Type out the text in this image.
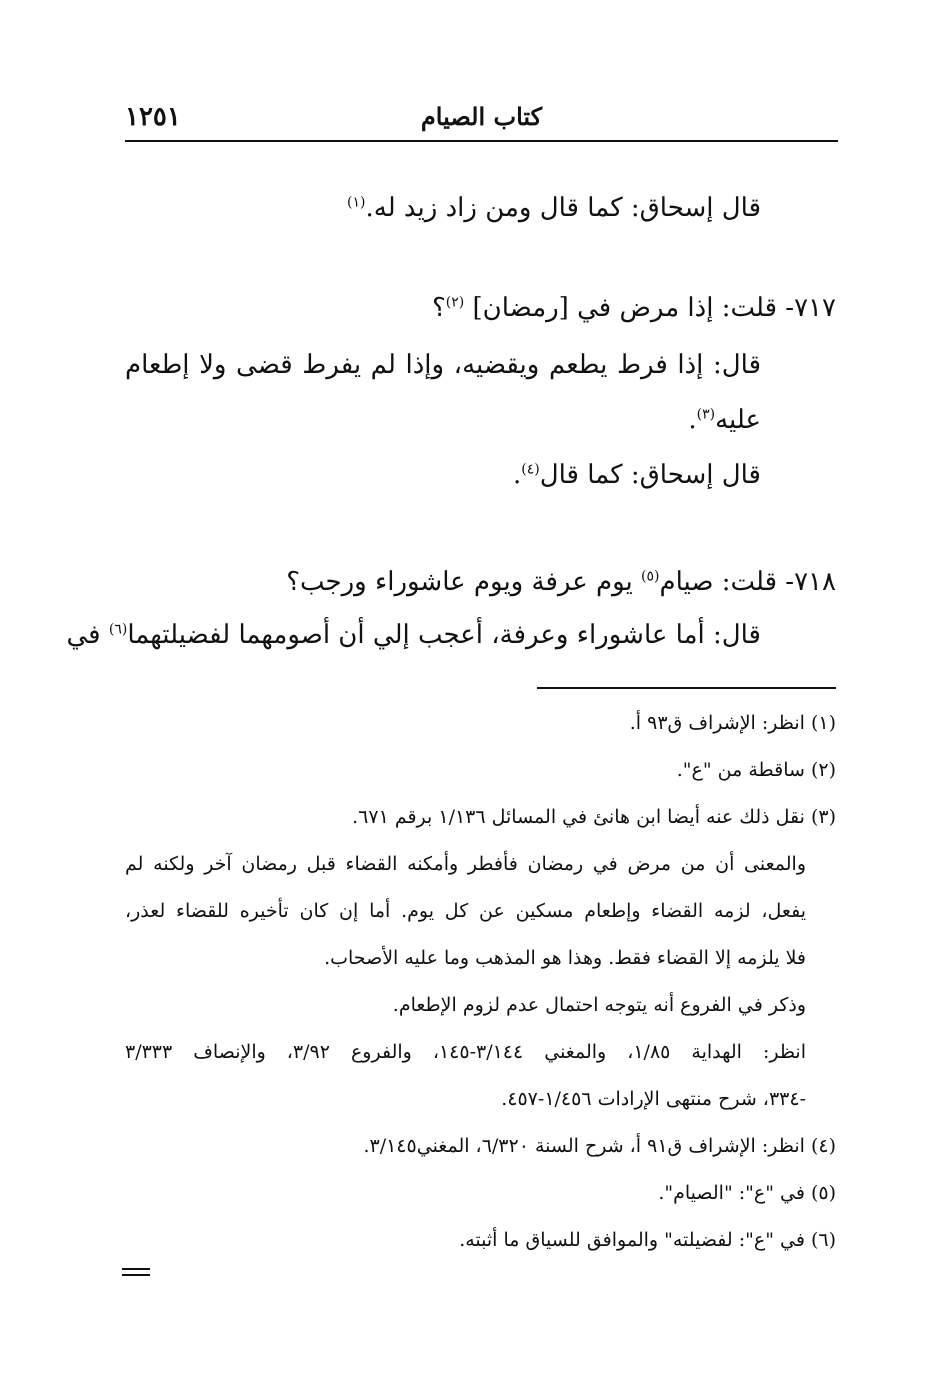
١٢٥١	كتاب الصيام
قال إسحاق: كما قال ومن زاد زيد له.$^{(١)}$
٧١٧- قلت: إذا مرض في [رمضان] $^{(٢)}$؟
قال: إذا فرط يطعم ويقضيه، وإذا لم يفرط قضى ولا إطعام
عليه$^{(٣)}$.
قال إسحاق: كما قال$^{(٤)}$.
٧١٨- قلت: صيام$^{(٥)}$ يوم عرفة ويوم عاشوراء ورجب؟
قال: أما عاشوراء وعرفة، أعجب إلي أن أصومهما لفضيلتهما$^{(٦)}$ في
(١) انظر: الإشراف ق٩٣ أ.
(٢) ساقطة من "ع".
(٣) نقل ذلك عنه أيضا ابن هانئ في المسائل ١/١٣٦ برقم ٦٧١.
والمعنى أن من مرض في رمضان فأفطر وأمكنه القضاء قبل رمضان آخر ولكنه لم
يفعل، لزمه القضاء وإطعام مسكين عن كل يوم. أما إن كان تأخيره للقضاء لعذر،
فلا يلزمه إلا القضاء فقط. وهذا هو المذهب وما عليه الأصحاب.
وذكر في الفروع أنه يتوجه احتمال عدم لزوم الإطعام.
انظر: الهداية ١/٨٥، والمغني ٣/١٤٤-١٤٥، والفروع ٣/٩٢، والإنصاف ٣/٣٣٣
-٣٣٤، شرح منتهى الإرادات ١/٤٥٦-٤٥٧.
(٤) انظر: الإشراف ق٩١ أ، شرح السنة ٦/٣٢٠، المغني٣/١٤٥.
(٥) في "ع": "الصيام".
(٦) في "ع": لفضيلته" والموافق للسياق ما أثبته.
